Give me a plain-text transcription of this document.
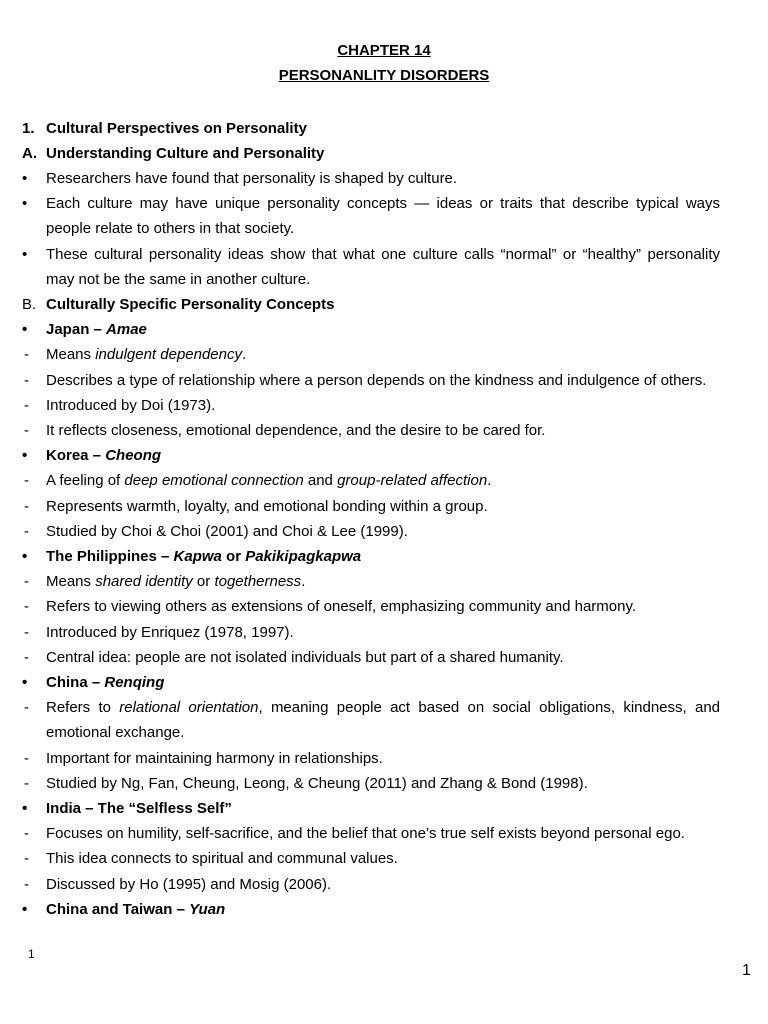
CHAPTER 14
PERSONANLITY DISORDERS
1. Cultural Perspectives on Personality
A. Understanding Culture and Personality
•	Researchers have found that personality is shaped by culture.
•	Each culture may have unique personality concepts — ideas or traits that describe typical ways people relate to others in that society.
•	These cultural personality ideas show that what one culture calls “normal” or “healthy” personality may not be the same in another culture.
B. Culturally Specific Personality Concepts
•	Japan – Amae
-	Means indulgent dependency.
-	Describes a type of relationship where a person depends on the kindness and indulgence of others.
-	Introduced by Doi (1973).
-	It reflects closeness, emotional dependence, and the desire to be cared for.
•	Korea – Cheong
-	A feeling of deep emotional connection and group-related affection.
-	Represents warmth, loyalty, and emotional bonding within a group.
-	Studied by Choi & Choi (2001) and Choi & Lee (1999).
•	The Philippines – Kapwa or Pakikipagkapwa
-	Means shared identity or togetherness.
-	Refers to viewing others as extensions of oneself, emphasizing community and harmony.
-	Introduced by Enriquez (1978, 1997).
-	Central idea: people are not isolated individuals but part of a shared humanity.
•	China – Renqing
-	Refers to relational orientation, meaning people act based on social obligations, kindness, and emotional exchange.
-	Important for maintaining harmony in relationships.
-	Studied by Ng, Fan, Cheung, Leong, & Cheung (2011) and Zhang & Bond (1998).
•	India – The “Selfless Self”
-	Focuses on humility, self-sacrifice, and the belief that one’s true self exists beyond personal ego.
-	This idea connects to spiritual and communal values.
-	Discussed by Ho (1995) and Mosig (2006).
•	China and Taiwan – Yuan
1
1
